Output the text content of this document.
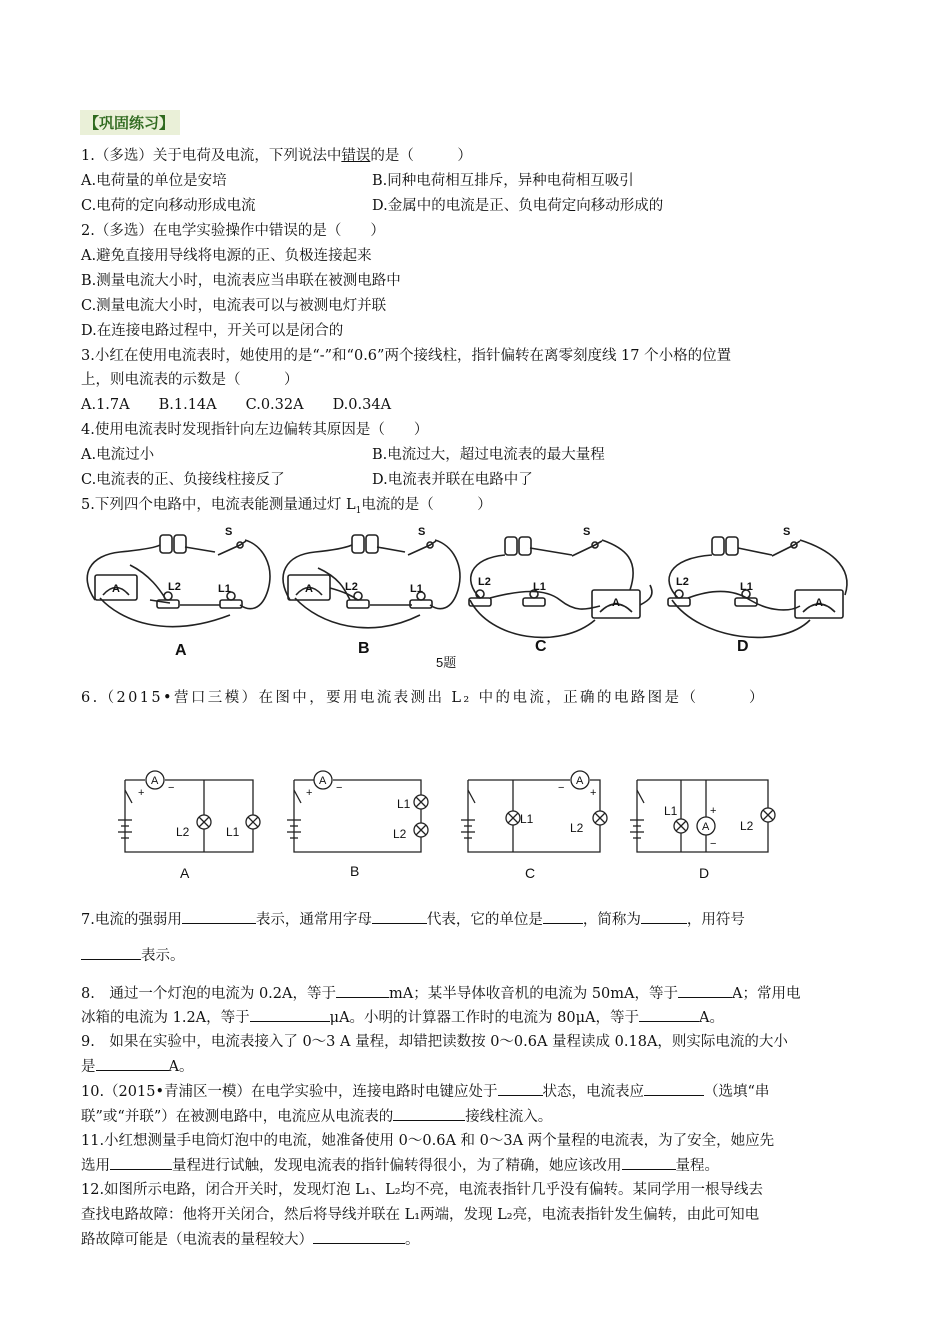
【巩固练习】
1.（多选）关于电荷及电流，下列说法中错误的是（　　　）
A.电荷量的单位是安培	B.同种电荷相互排斥，异种电荷相互吸引
C.电荷的定向移动形成电流	D.金属中的电流是正、负电荷定向移动形成的
2.（多选）在电学实验操作中错误的是（　　）
A.避免直接用导线将电源的正、负极连接起来
B.测量电流大小时，电流表应当串联在被测电路中
C.测量电流大小时，电流表可以与被测电灯并联
D.在连接电路过程中，开关可以是闭合的
3.小红在使用电流表时，她使用的是“-”和“0.6”两个接线柱，指针偏转在离零刻度线 17 个小格的位置
上，则电流表的示数是（　　　）
A.1.7A　　B.1.14A　　C.0.32A　　D.0.34A
4.使用电流表时发现指针向左边偏转其原因是（　　）
A.电流过小	B.电流过大，超过电流表的最大量程
C.电流表的正、负接线柱接反了	D.电流表并联在电路中了
5.下列四个电路中，电流表能测量通过灯 $L_1$电流的是（　　　）
S
L2	L1
A
S
L2	L1
A
S
L2	L1
A
S
L2	L1
A
A	B	C	D
5题
6.（2015•营口三模）在图中，要用电流表测出 L₂ 中的电流，正确的电路图是（　　　）
A
+ −
L2	L1
A
+ −
L1
L2
A
− +
L1
L2	A
+
−
L1
L2
A	B	C	D
7.电流的强弱用	表示，通常用字母	代表，它的单位是	，简称为	，用符号
表示。
8.　通过一个灯泡的电流为 0.2A，等于	mA；某半导体收音机的电流为 50mA，等于	A；常用电
冰箱的电流为 1.2A，等于	μA。小明的计算器工作时的电流为 80μA，等于	A。
9.　如果在实验中，电流表接入了 0～3 A 量程，却错把读数按 0～0.6A 量程读成 0.18A，则实际电流的大小
是	A。
10.（2015•青浦区一模）在电学实验中，连接电路时电键应处于	状态，电流表应	（选填“串
联”或“并联”）在被测电路中，电流应从电流表的	接线柱流入。
11.小红想测量手电筒灯泡中的电流，她准备使用 0～0.6A 和 0～3A 两个量程的电流表，为了安全，她应先
选用	量程进行试触，发现电流表的指针偏转得很小，为了精确，她应该改用	量程。
12.如图所示电路，闭合开关时，发现灯泡 L₁、L₂均不亮，电流表指针几乎没有偏转。某同学用一根导线去
查找电路故障：他将开关闭合，然后将导线并联在 L₁两端，发现 L₂亮，电流表指针发生偏转，由此可知电
路故障可能是（电流表的量程较大）	。
